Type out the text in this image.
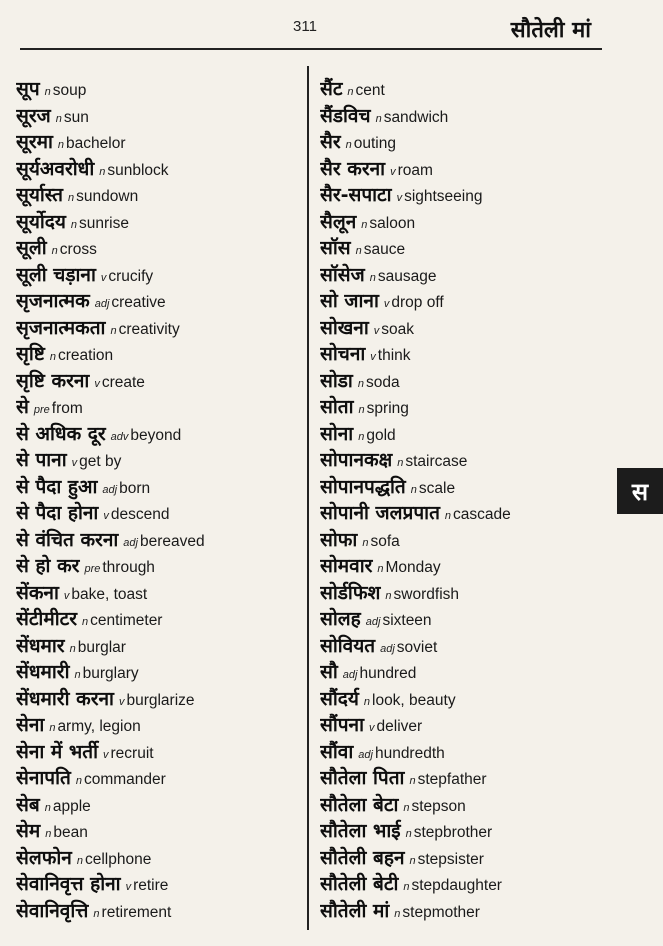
311	सौतेली मां
सूप n soup
सूरज n sun
सूरमा n bachelor
सूर्यअवरोधी n sunblock
सूर्यास्त n sundown
सूर्योदय n sunrise
सूली n cross
सूली चड़ाना v crucify
सृजनात्मक adj creative
सृजनात्मकता n creativity
सृष्टि n creation
सृष्टि करना v create
सेpre from
से अधिक दूर adv beyond
से पाना v get by
से पैदा हुआ adj born
से पैदा होना v descend
से वंचित करना adj bereaved
से हो कर pre through
सेंकना v bake, toast
सेंटीमीटर n centimeter
सेंधमार n burglar
सेंधमारी n burglary
सेंधमारी करना v burglarize
सेना n army, legion
सेना में भर्ती v recruit
सेनापति n commander
सेब n apple
सेम n bean
सेलफोन n cellphone
सेवानिवृत्त होना v retire
सेवानिवृत्ति n retirement
सैंट n cent
सैंडविच n sandwich
सैर n outing
सैर करना v roam
सैर-सपाटा v sightseeing
सैलून n saloon
सॉस n sauce
सॉसेज n sausage
सो जाना v drop off
सोखना v soak
सोचना v think
सोडा n soda
सोता n spring
सोना n gold
सोपानकक्ष n staircase
सोपानपद्धति n scale
सोपानी जलप्रपात n cascade
सोफा n sofa
सोमवार n Monday
सोर्डफिश n swordfish
सोलह adj sixteen
सोवियत adj soviet
सौadj hundred
सौंदर्य n look, beauty
सौंपना v deliver
सौंवा adj hundredth
सौतेला पिता n stepfather
सौतेला बेटा n stepson
सौतेला भाई n stepbrother
सौतेली बहन n stepsister
सौतेली बेटी n stepdaughter
सौतेली मां n stepmother
स
